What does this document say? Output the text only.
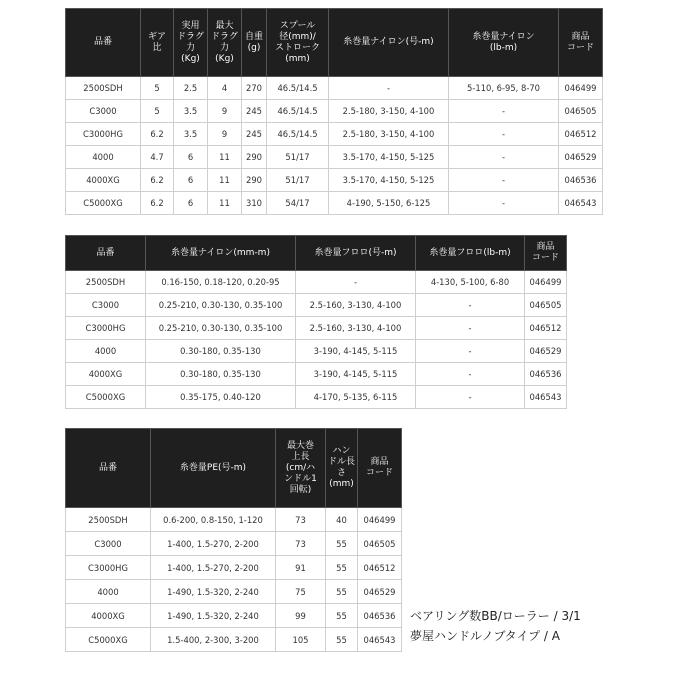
品番	ギア
比	実用
ドラグ
力
(Kg)	最大
ドラグ
力
(Kg)	自重
(g)	スプール
径(mm)/
ストローク
(mm)	糸巻量ナイロン(号-m)	糸巻量ナイロン
(lb-m)	商品
コード
2500SDH	5	2.5	4	270	46.5/14.5	-	5-110, 6-95, 8-70	046499
C3000	5	3.5	9	245	46.5/14.5	2.5-180, 3-150, 4-100	-	046505
C3000HG	6.2	3.5	9	245	46.5/14.5	2.5-180, 3-150, 4-100	-	046512
4000	4.7	6	11	290	51/17	3.5-170, 4-150, 5-125	-	046529
4000XG	6.2	6	11	290	51/17	3.5-170, 4-150, 5-125	-	046536
C5000XG	6.2	6	11	310	54/17	4-190, 5-150, 6-125	-	046543
品番	糸巻量ナイロン(mm-m)	糸巻量フロロ(号-m)	糸巻量フロロ(lb-m)	商品
コード
2500SDH	0.16-150, 0.18-120, 0.20-95	-	4-130, 5-100, 6-80	046499
C3000	0.25-210, 0.30-130, 0.35-100	2.5-160, 3-130, 4-100	-	046505
C3000HG	0.25-210, 0.30-130, 0.35-100	2.5-160, 3-130, 4-100	-	046512
4000	0.30-180, 0.35-130	3-190, 4-145, 5-115	-	046529
4000XG	0.30-180, 0.35-130	3-190, 4-145, 5-115	-	046536
C5000XG	0.35-175, 0.40-120	4-170, 5-135, 6-115	-	046543
品番	糸巻量PE(号-m)	最大巻
上長
(cm/ハ
ンドル1
回転)	ハン
ドル長
さ
(mm)	商品
コード
2500SDH	0.6-200, 0.8-150, 1-120	73	40	046499
C3000	1-400, 1.5-270, 2-200	73	55	046505
C3000HG	1-400, 1.5-270, 2-200	91	55	046512
4000	1-490, 1.5-320, 2-240	75	55	046529
4000XG	1-490, 1.5-320, 2-240	99	55	046536
C5000XG	1.5-400, 2-300, 3-200	105	55	046543
ベアリング数BB/ローラー / 3/1
夢屋ハンドルノブタイプ / A
